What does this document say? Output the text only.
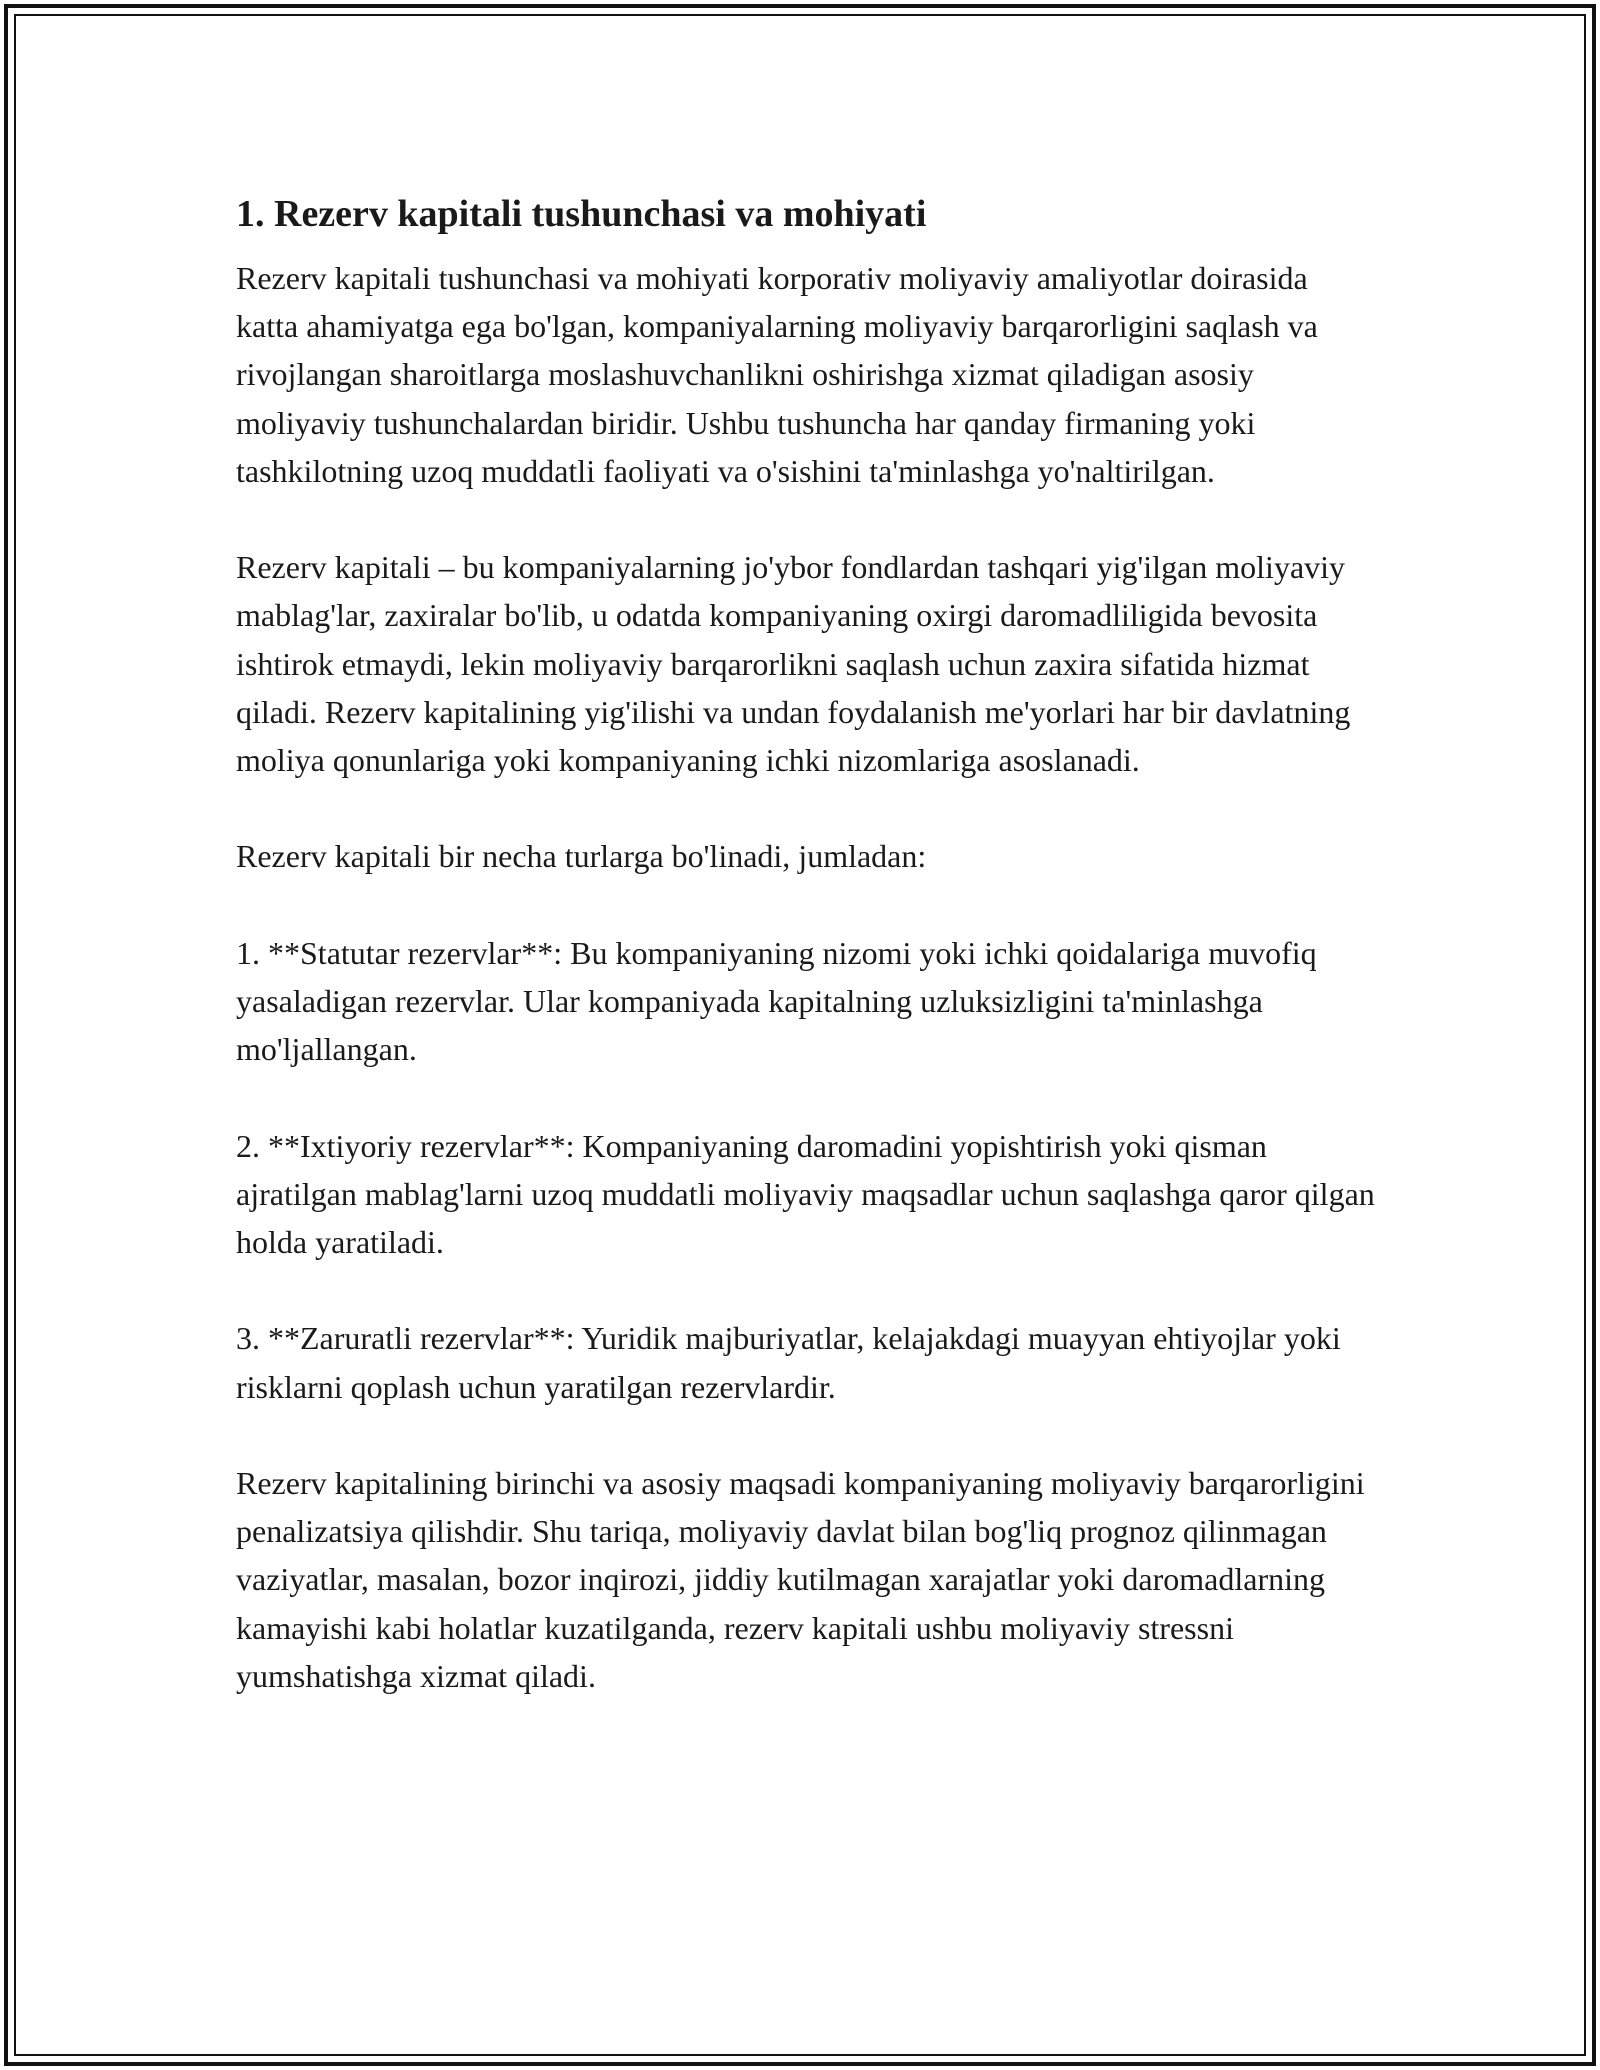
1. Rezerv kapitali tushunchasi va mohiyati

Rezerv kapitali tushunchasi va mohiyati korporativ moliyaviy amaliyotlar doirasida katta ahamiyatga ega bo'lgan, kompaniyalarning moliyaviy barqarorligini saqlash va rivojlangan sharoitlarga moslashuvchanlikni oshirishga xizmat qiladigan asosiy moliyaviy tushunchalardan biridir. Ushbu tushuncha har qanday firmaning yoki tashkilotning uzoq muddatli faoliyati va o'sishini ta'minlashga yo'naltirilgan.

Rezerv kapitali – bu kompaniyalarning jo'ybor fondlardan tashqari yig'ilgan moliyaviy mablag'lar, zaxiralar bo'lib, u odatda kompaniyaning oxirgi daromadliligida bevosita ishtirok etmaydi, lekin moliyaviy barqarorlikni saqlash uchun zaxira sifatida hizmat qiladi. Rezerv kapitalining yig'ilishi va undan foydalanish me'yorlari har bir davlatning moliya qonunlariga yoki kompaniyaning ichki nizomlariga asoslanadi.

Rezerv kapitali bir necha turlarga bo'linadi, jumladan:

1. **Statutar rezervlar**: Bu kompaniyaning nizomi yoki ichki qoidalariga muvofiq yasaladigan rezervlar. Ular kompaniyada kapitalning uzluksizligini ta'minlashga mo'ljallangan.

2. **Ixtiyoriy rezervlar**: Kompaniyaning daromadini yopishtirish yoki qisman ajratilgan mablag'larni uzoq muddatli moliyaviy maqsadlar uchun saqlashga qaror qilgan holda yaratiladi.

3. **Zaruratli rezervlar**: Yuridik majburiyatlar, kelajakdagi muayyan ehtiyojlar yoki risklarni qoplash uchun yaratilgan rezervlardir.

Rezerv kapitalining birinchi va asosiy maqsadi kompaniyaning moliyaviy barqarorligini penalizatsiya qilishdir. Shu tariqa, moliyaviy davlat bilan bog'liq prognoz qilinmagan vaziyatlar, masalan, bozor inqirozi, jiddiy kutilmagan xarajatlar yoki daromadlarning kamayishi kabi holatlar kuzatilganda, rezerv kapitali ushbu moliyaviy stressni yumshatishga xizmat qiladi.
